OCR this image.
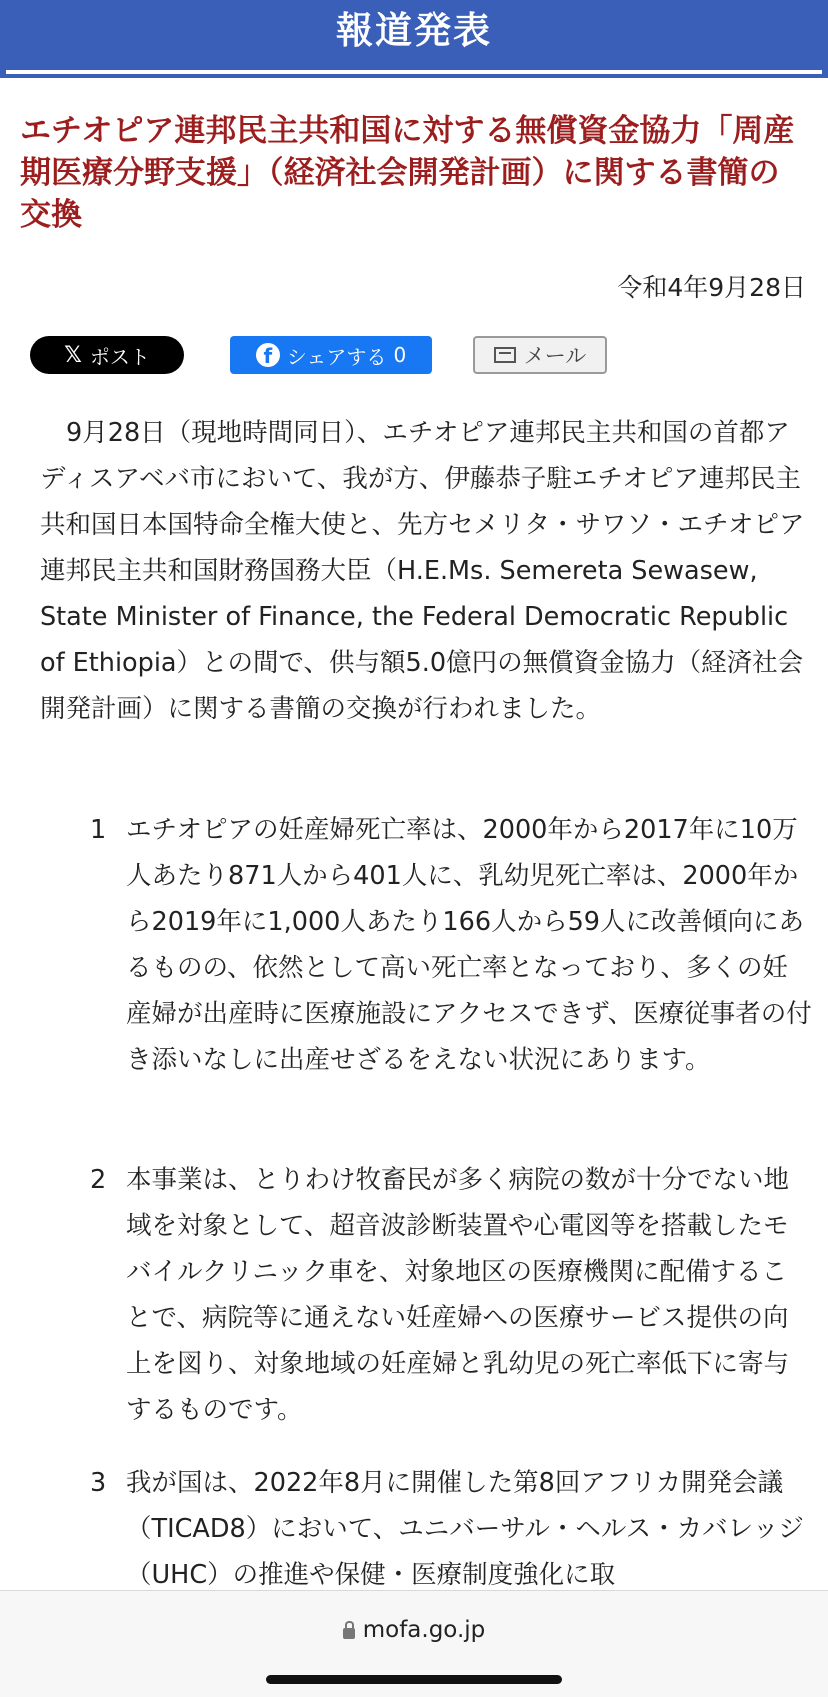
報道発表
エチオピア連邦民主共和国に対する無償資金協力「周産期医療分野支援」（経済社会開発計画）に関する書簡の交換
令和4年9月28日
𝕏 ポスト	f シェアする 0	メール

9月28日（現地時間同日）、エチオピア連邦民主共和国の首都アディスアベバ市において、我が方、伊藤恭子駐エチオピア連邦民主共和国日本国特命全権大使と、先方セメリタ・サワソ・エチオピア連邦民主共和国財務国務大臣（H.E.Ms. Semereta Sewasew, State Minister of Finance, the Federal Democratic Republic of Ethiopia）との間で、供与額5.0億円の無償資金協力（経済社会開発計画）に関する書簡の交換が行われました。

1 エチオピアの妊産婦死亡率は、2000年から2017年に10万人あたり871人から401人に、乳幼児死亡率は、2000年から2019年に1,000人あたり166人から59人に改善傾向にあるものの、依然として高い死亡率となっており、多くの妊産婦が出産時に医療施設にアクセスできず、医療従事者の付き添いなしに出産せざるをえない状況にあります。

2 本事業は、とりわけ牧畜民が多く病院の数が十分でない地域を対象として、超音波診断装置や心電図等を搭載したモバイルクリニック車を、対象地区の医療機関に配備することで、病院等に通えない妊産婦への医療サービス提供の向上を図り、対象地域の妊産婦と乳幼児の死亡率低下に寄与するものです。

3 我が国は、2022年8月に開催した第8回アフリカ開発会議（TICAD8）において、ユニバーサル・ヘルス・カバレッジ（UHC）の推進や保健・医療制度強化に取

mofa.go.jp
